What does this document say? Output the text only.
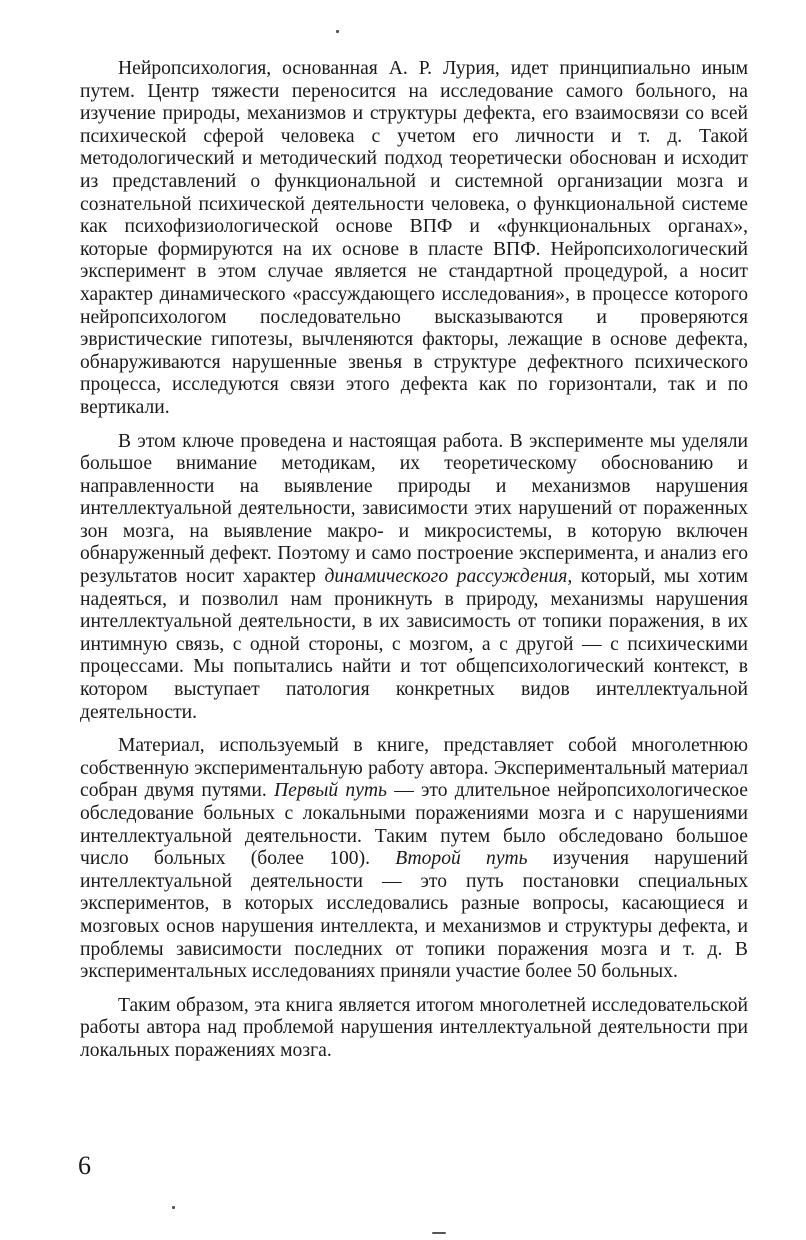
Нейропсихология, основанная А. Р. Лурия, идет принципиально иным путем. Центр тяжести переносится на исследование самого больного, на изучение природы, механизмов и структуры дефекта, его взаимосвязи со всей психической сферой человека с учетом его личности и т. д. Такой методологический и методический подход теоретически обоснован и исходит из представлений о функциональной и системной организации мозга и сознательной психической деятельности человека, о функциональной системе как психофизиологической основе ВПФ и «функциональных органах», которые формируются на их основе в пласте ВПФ. Нейропсихологический эксперимент в этом случае является не стандартной процедурой, а носит характер динамического «рассуждающего исследования», в процессе которого нейропсихологом последовательно высказываются и проверяются эвристические гипотезы, вычленяются факторы, лежащие в основе дефекта, обнаруживаются нарушенные звенья в структуре дефектного психического процесса, исследуются связи этого дефекта как по горизонтали, так и по вертикали.

В этом ключе проведена и настоящая работа. В эксперименте мы уделяли большое внимание методикам, их теоретическому обоснованию и направленности на выявление природы и механизмов нарушения интеллектуальной деятельности, зависимости этих нарушений от пораженных зон мозга, на выявление макро- и микросистемы, в которую включен обнаруженный дефект. Поэтому и само построение эксперимента, и анализ его результатов носит характер динамического рассуждения, который, мы хотим надеяться, и позволил нам проникнуть в природу, механизмы нарушения интеллектуальной деятельности, в их зависимость от топики поражения, в их интимную связь, с одной стороны, с мозгом, а с другой — с психическими процессами. Мы попытались найти и тот общепсихологический контекст, в котором выступает патология конкретных видов интеллектуальной деятельности.

Материал, используемый в книге, представляет собой многолетнюю собственную экспериментальную работу автора. Экспериментальный материал собран двумя путями. Первый путь — это длительное нейропсихологическое обследование больных с локальными поражениями мозга и с нарушениями интеллектуальной деятельности. Таким путем было обследовано большое число больных (более 100). Второй путь изучения нарушений интеллектуальной деятельности — это путь постановки специальных экспериментов, в которых исследовались разные вопросы, касающиеся и мозговых основ нарушения интеллекта, и механизмов и структуры дефекта, и проблемы зависимости последних от топики поражения мозга и т. д. В экспериментальных исследованиях приняли участие более 50 больных.

Таким образом, эта книга является итогом многолетней исследовательской работы автора над проблемой нарушения интеллектуальной деятельности при локальных поражениях мозга.

6
